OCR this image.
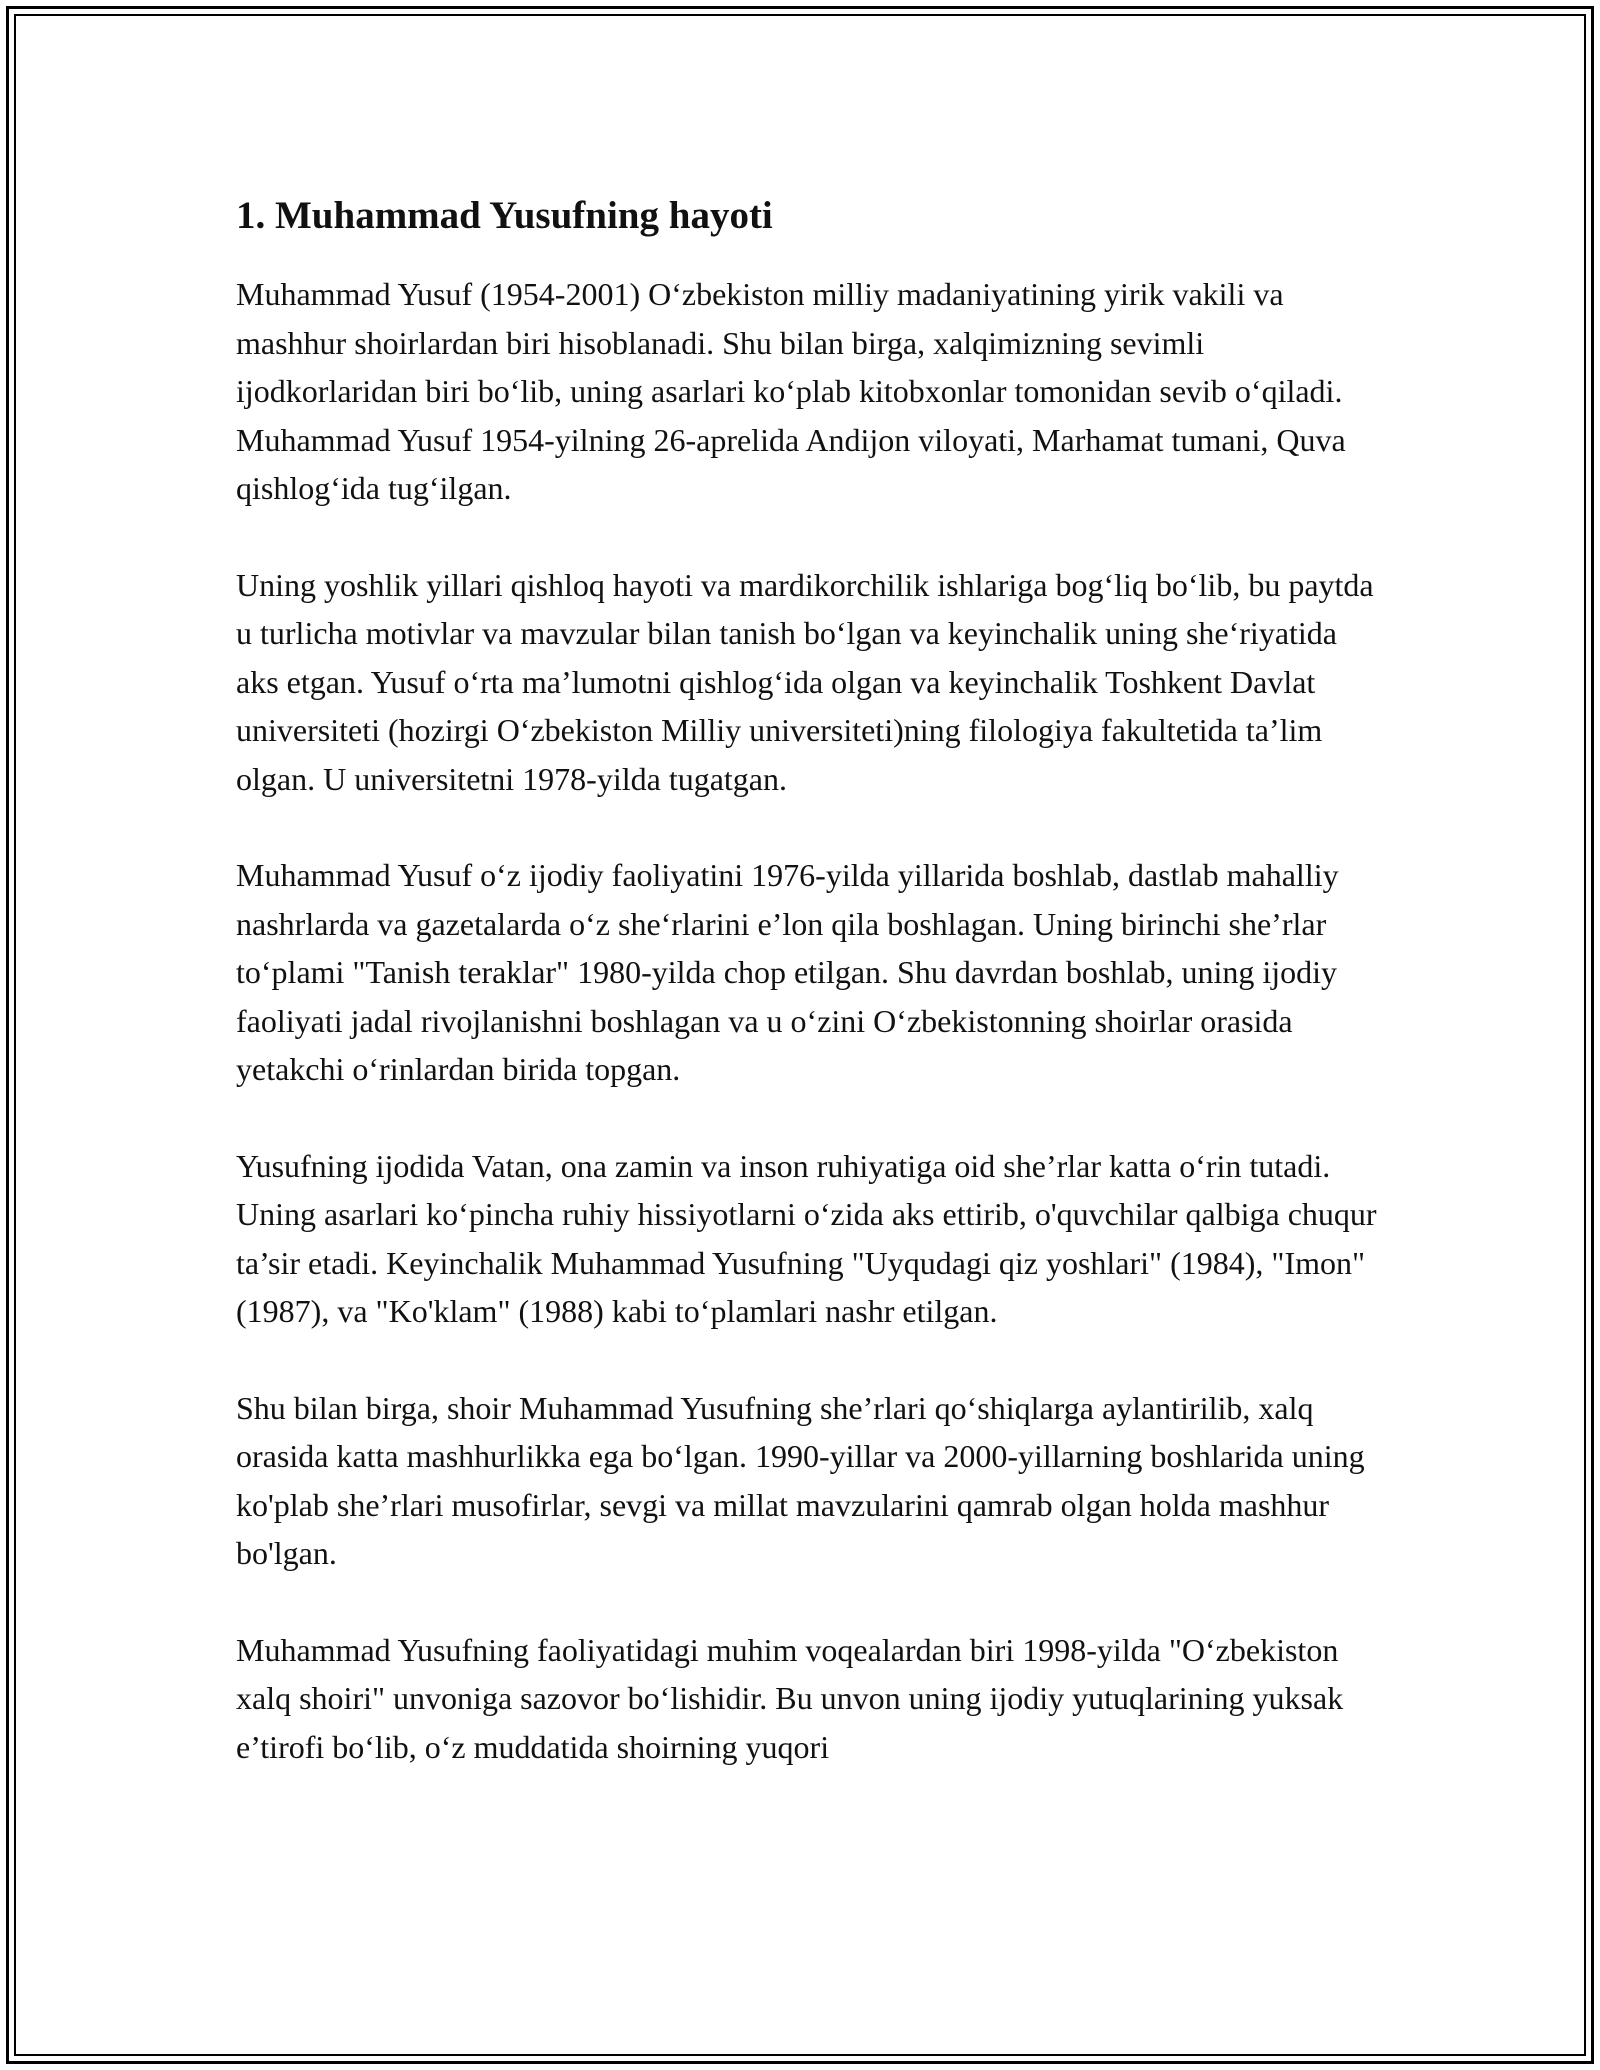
1. Muhammad Yusufning hayoti

Muhammad Yusuf (1954-2001) O‘zbekiston milliy madaniyatining yirik vakili va mashhur shoirlardan biri hisoblanadi. Shu bilan birga, xalqimizning sevimli ijodkorlaridan biri bo‘lib, uning asarlari ko‘plab kitobxonlar tomonidan sevib o‘qiladi. Muhammad Yusuf 1954-yilning 26-aprelida Andijon viloyati, Marhamat tumani, Quva qishlog‘ida tug‘ilgan.

Uning yoshlik yillari qishloq hayoti va mardikorchilik ishlariga bog‘liq bo‘lib, bu paytda u turlicha motivlar va mavzular bilan tanish bo‘lgan va keyinchalik uning she‘riyatida aks etgan. Yusuf o‘rta ma’lumotni qishlog‘ida olgan va keyinchalik Toshkent Davlat universiteti (hozirgi O‘zbekiston Milliy universiteti)ning filologiya fakultetida ta’lim olgan. U universitetni 1978-yilda tugatgan.

Muhammad Yusuf o‘z ijodiy faoliyatini 1976-yilda yillarida boshlab, dastlab mahalliy nashrlarda va gazetalarda o‘z she‘rlarini e’lon qila boshlagan. Uning birinchi she’rlar to‘plami "Tanish teraklar" 1980-yilda chop etilgan. Shu davrdan boshlab, uning ijodiy faoliyati jadal rivojlanishni boshlagan va u o‘zini O‘zbekistonning shoirlar orasida yetakchi o‘rinlardan birida topgan.

Yusufning ijodida Vatan, ona zamin va inson ruhiyatiga oid she’rlar katta o‘rin tutadi. Uning asarlari ko‘pincha ruhiy hissiyotlarni o‘zida aks ettirib, o'quvchilar qalbiga chuqur ta’sir etadi. Keyinchalik Muhammad Yusufning "Uyqudagi qiz yoshlari" (1984), "Imon" (1987), va "Ko'klam" (1988) kabi to‘plamlari nashr etilgan.

Shu bilan birga, shoir Muhammad Yusufning she’rlari qo‘shiqlarga aylantirilib, xalq orasida katta mashhurlikka ega bo‘lgan. 1990-yillar va 2000-yillarning boshlarida uning ko'plab she’rlari musofirlar, sevgi va millat mavzularini qamrab olgan holda mashhur bo'lgan.

Muhammad Yusufning faoliyatidagi muhim voqealardan biri 1998-yilda "O‘zbekiston xalq shoiri" unvoniga sazovor bo‘lishidir. Bu unvon uning ijodiy yutuqlarining yuksak e’tirofi bo‘lib, o‘z muddatida shoirning yuqori
